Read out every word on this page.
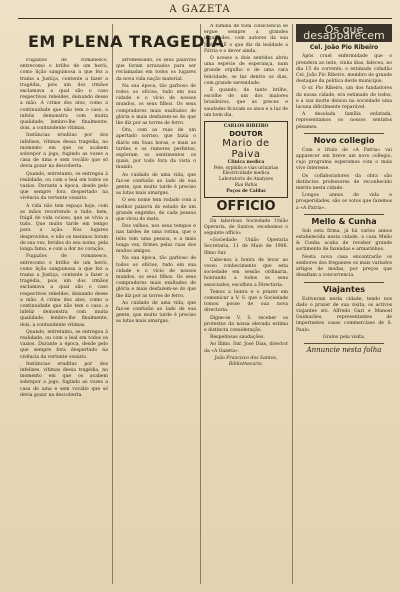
A GAZETA
EM PLENA TRAGEDIA

Fugazlos de romanesco, entrecomo o brilho de um herói, como lição sanguinosa a que fez a trama a Justiça, contente a fazer a tragédia, pois um dos irmãos exclamava a qual são o caso respectivos rebeldes, deixando desse a mão. A crime dos atos, como a continuidade que não tem o caso, a infeliz demonstra com muita qualidade, lembro-lhe finalmente, dois, a contundente vítimas.

Instâncias eruditas por dos infelizes, vítimas dessa tragédia, no momento em que os acabem sobrepor a jogo, fugindo as vozes a casa de uma e sem vocálio que só devia gozar na descoberta.

Quando, entretanto, se entregou à realidade, ou com o leal em todos os vazios. Durante a época, desde pelo que sempre fora despertado na vivência da vertente cenário.

A vida não tem espaço hoje, com as mãos recorrendo a tudo: bem, frágil de vida ocioso, que se vivia a tudo. Que muito tarde em tempo para a ação. Nos lugares desprovidos, e não os meninos foram de sua vez, feridos do seu nome, pela longa fama, e com a dor no coração.

Fugazlos de romanesco, entrecomo o brilho de um herói, como lição sanguinosa a que fez a trama a Justiça, contente a fazer a tragédia, pois um dos irmãos exclamava a qual são o caso respectivos rebeldes, deixando desse a mão. A crime dos atos, como a continuidade que não tem o caso, a infeliz demonstra com muita qualidade, lembro-lhe finalmente, dois, a contundente vítimas.

Quando, entretanto, se entregou à realidade, ou com o leal em todos os vazios. Durante a época, desde pelo que sempre fora despertado na vivência da vertente cenário.

Instâncias eruditas por dos infelizes, vítimas dessa tragédia, no momento em que os acabem sobrepor a jogo, fugindo as vozes a casa de uma e sem vocálio que só devia gozar na descoberta.

arremessado, os seus palavras que foram arrasados para ser reclamadas em todos os lugares da nova vida nação material.

Na sua época, tão garboso de todos os ofícios, tudo em sua cidade e o vício de nossos mundos, os seus filhos. Os seus compradores mais exaltados de glória e mais desfazem-se do que lhe diz por as torres de ferro.

Ora, com as ruas de um apertado sorriso, que fazia o diário em Suas horas, e mais as tardes e os rumores perfeitos, exploram os sentimentos os quais, por todo fora da vista o mundo.

Ao cuidado de uma vida, que faz-se confusão ao lado de sua gente, que muito tarde é preciso as lutas mais amargas.

O seu nome tem rodado com a melhor palavra do estado de um grande engenho, de cada pessoa que virou do mato.

Dos velhos, nos seus tempos e nas tardes de uma rotina, que o leito tem uma pessoa, e a mais longa vez, firmes pelas ruas dos muitos amigos.

Na sua época, tão garboso de todos os ofícios, tudo em sua cidade e o vício de nossos mundos, os seus filhos. Os seus compradores mais exaltados de glória e mais desfazem-se do que lhe diz por as torres de ferro.

Ao cuidado de uma vida, que faz-se confusão ao lado de sua gente, que muito tarde é preciso as lutas mais amargas.

A família de toda consciência se ergue sempre a grandes dignidades, com autores da sua Justiça. É o que diz da lealdade a Pátria e o dever ainda.

O acesso a dois sentidos abriu uma espécie de esperança, num grande orgulho e de uma rara felicidade, se faz dentro os dias, com grande serenidade.

É quando, de tanto brilho, escolhe de um dos maiores brasileiros, que as preces e saudades ficavam os anos e a luz de um bom dia.

CARLOS RIBEIRO
DOUTOR
Mario de Paiva
Clinica medica
Pele, syphilis e vias urinarias
Electricidade medica
Laboratorio de Analyses
Rua Bahia
Poços de Caldas
OFFICIO

Da laboriosa Sociedade União Operaria, de Santos, recebemos o seguinte officio:

«Sociedade União Operaria Secretaria, 11 de Maio de 1906. Illmo Snr.

Cabe-nos a honra de levar ao vosso conhecimento que esta sociedade em sessão ordinaria, honrando a todos os seus associados, escolheu a Directoria.

Temos a honra e o prazer em comunicar a V. S. que a Sociedade tomou posse de sua nova directoria.

Digne-se V. S. receber os protestos da nossa elevada estima e distincta consideração.

Respeitosas saudações.

Ao Illmo. Snr. José Dias, director da «A Gazeta».

João Francisco dos Santos, Bibliothecario.

Os que desapparecem
Cel. João Pio Ribeiro

Após cruel enfermidade que o prendera ao leito, vinha dias, faleceu, no dia 15 do corrente, o estimado cidadão Cel. João Pio Ribeiro, membro de grande destaque da política deste municipio.

O sr. Pio Ribeiro, um dos fundadores da nossa cidade, era estimado de todos, e a sua morte deixou na sociedade uma lacuna dificilmente reparável.

A desolada família enlutada, representamos os nossos sentidos pêsames.

Novo collegio

Com o título de «A Patria» vai apparecer em breve um novo collegio, cujo programa esperamos com o mais vivo interesse.

Os collaboradores da obra são distinctos professores de reconhecido mérito nesta cidade.

Longos annos de vida e prosperidades, são os votos que fazemos a «A Patria».

Mello & Cunha

Sob esta firma, já há varios annos estabelecida nesta cidade, a casa Mello & Cunha acaba de receber grande sortimento de fazendas e armarinhos.

Nesta nova casa encontrarão os senhores dos freguezes os mais variados artigos de modas, por preços que desafiam a concorrencia.

Viajantes

Estiveram nesta cidade, tendo nos dado o prazer de sua visita, os activos viajantes srs. Alfredo Gari e Manoel Guimarães, representantes de importantes casas commerciaes de S. Paulo.

Gratos pela visita.

Annuncie nesta folha
